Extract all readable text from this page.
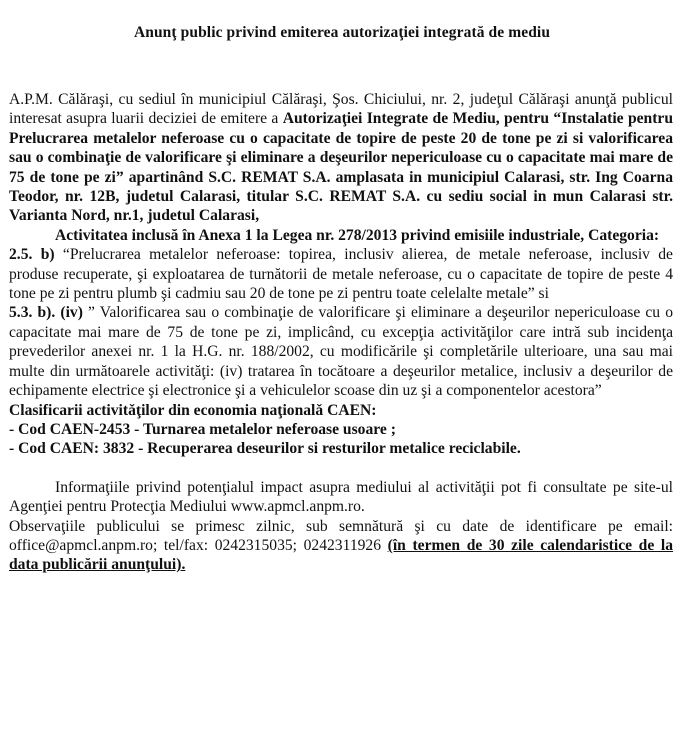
Anunţ public privind emiterea autorizaţiei integrată de mediu

A.P.M. Călăraşi, cu sediul în municipiul Călăraşi, Şos. Chiciului, nr. 2, judeţul Călăraşi anunţă publicul interesat asupra luarii deciziei de emitere a Autorizaţiei Integrate de Mediu, pentru “Instalatie pentru Prelucrarea metalelor neferoase cu o capacitate de topire de peste 20 de tone pe zi si valorificarea sau o combinaţie de valorificare şi eliminare a deşeurilor nepericuloase cu o capacitate mai mare de 75 de tone pe zi” apartinând S.C. REMAT S.A. amplasata in municipiul Calarasi, str. Ing Coarna Teodor, nr. 12B, judetul Calarasi, titular S.C. REMAT S.A. cu sediu social in mun Calarasi str. Varianta Nord, nr.1, judetul Calarasi,

Activitatea inclusă în Anexa 1 la Legea nr. 278/2013 privind emisiile industriale, Categoria:

2.5. b) “Prelucrarea metalelor neferoase: topirea, inclusiv alierea, de metale neferoase, inclusiv de produse recuperate, şi exploatarea de turnătorii de metale neferoase, cu o capacitate de topire de peste 4 tone pe zi pentru plumb şi cadmiu sau 20 de tone pe zi pentru toate celelalte metale” si

5.3. b). (iv) ” Valorificarea sau o combinaţie de valorificare şi eliminare a deşeurilor nepericuloase cu o capacitate mai mare de 75 de tone pe zi, implicând, cu excepţia activităţilor care intră sub incidenţa prevederilor anexei nr. 1 la H.G. nr. 188/2002, cu modificările şi completările ulterioare, una sau mai multe din următoarele activităţi: (iv) tratarea în tocătoare a deşeurilor metalice, inclusiv a deşeurilor de echipamente electrice şi electronice şi a vehiculelor scoase din uz şi a componentelor acestora”

Clasificarii activitǎţilor din economia naţionalǎ CAEN:

- Cod CAEN-2453 - Turnarea metalelor neferoase usoare ;

- Cod CAEN: 3832 - Recuperarea deseurilor si resturilor metalice reciclabile.

Informaţiile privind potenţialul impact asupra mediului al activităţii pot fi consultate pe site-ul Agenţiei pentru Protecţia Mediului www.apmcl.anpm.ro.

Observaţiile publicului se primesc zilnic, sub semnătură şi cu date de identificare pe email: office@apmcl.anpm.ro; tel/fax: 0242315035; 0242311926 (în termen de 30 zile calendaristice de la data publicării anunţului).
